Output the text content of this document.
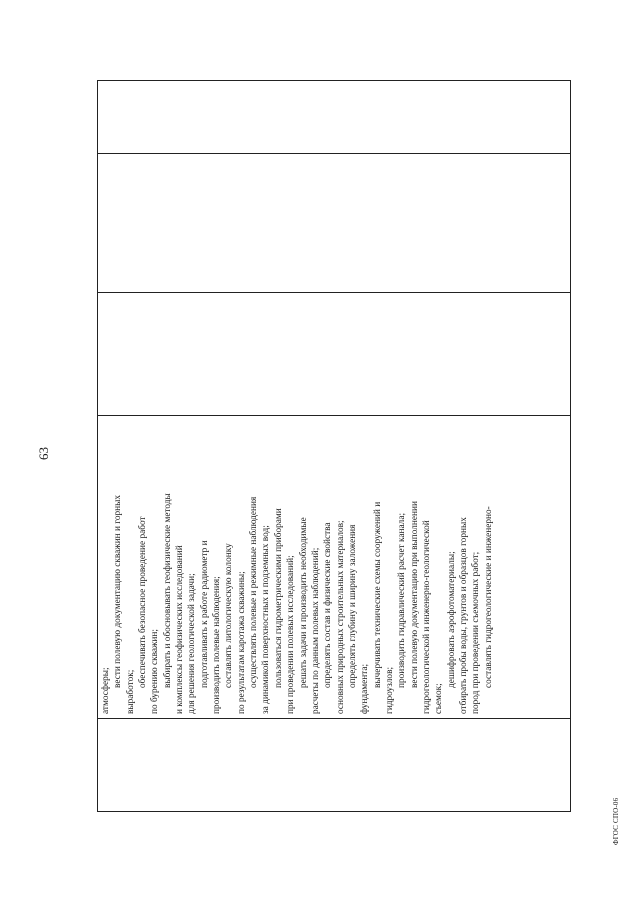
63
атмосферы;
вести полевую документацию скважин и горных
выработок;
обеспечивать безопасное проведение работ по бурению скважин; выбирать и обосновывать геофизические методы и комплексы геофизических исследований для решения геологической задачи; подготавливать к работе радиометр и производить полевые наблюдения; составлять литологическую колонку по результатам каротажа скважины; осуществлять полевые и режимные наблюдения за динамикой поверхностных и подземных вод; пользоваться гидрометрическими приборами при проведении полевых исследований; решать задачи и производить необходимые расчеты по данным полевых наблюдений; определять состав и физические свойства основных природных строительных материалов; определять глубину и ширину заложения
фундамента;
вычерчивать технические схемы сооружений и
гидроузлов;
производить гидравлический расчет канала; вести полевую документацию при выполнении гидрогеологической и инженерно-геологической съемок;
дешифровать аэрофотоматериалы; отбирать пробы воды, грунтов и образцов горных пород при проведении съемочных работ; составлять гидрогеологические и инженерно-
ФГОС СПО-06
